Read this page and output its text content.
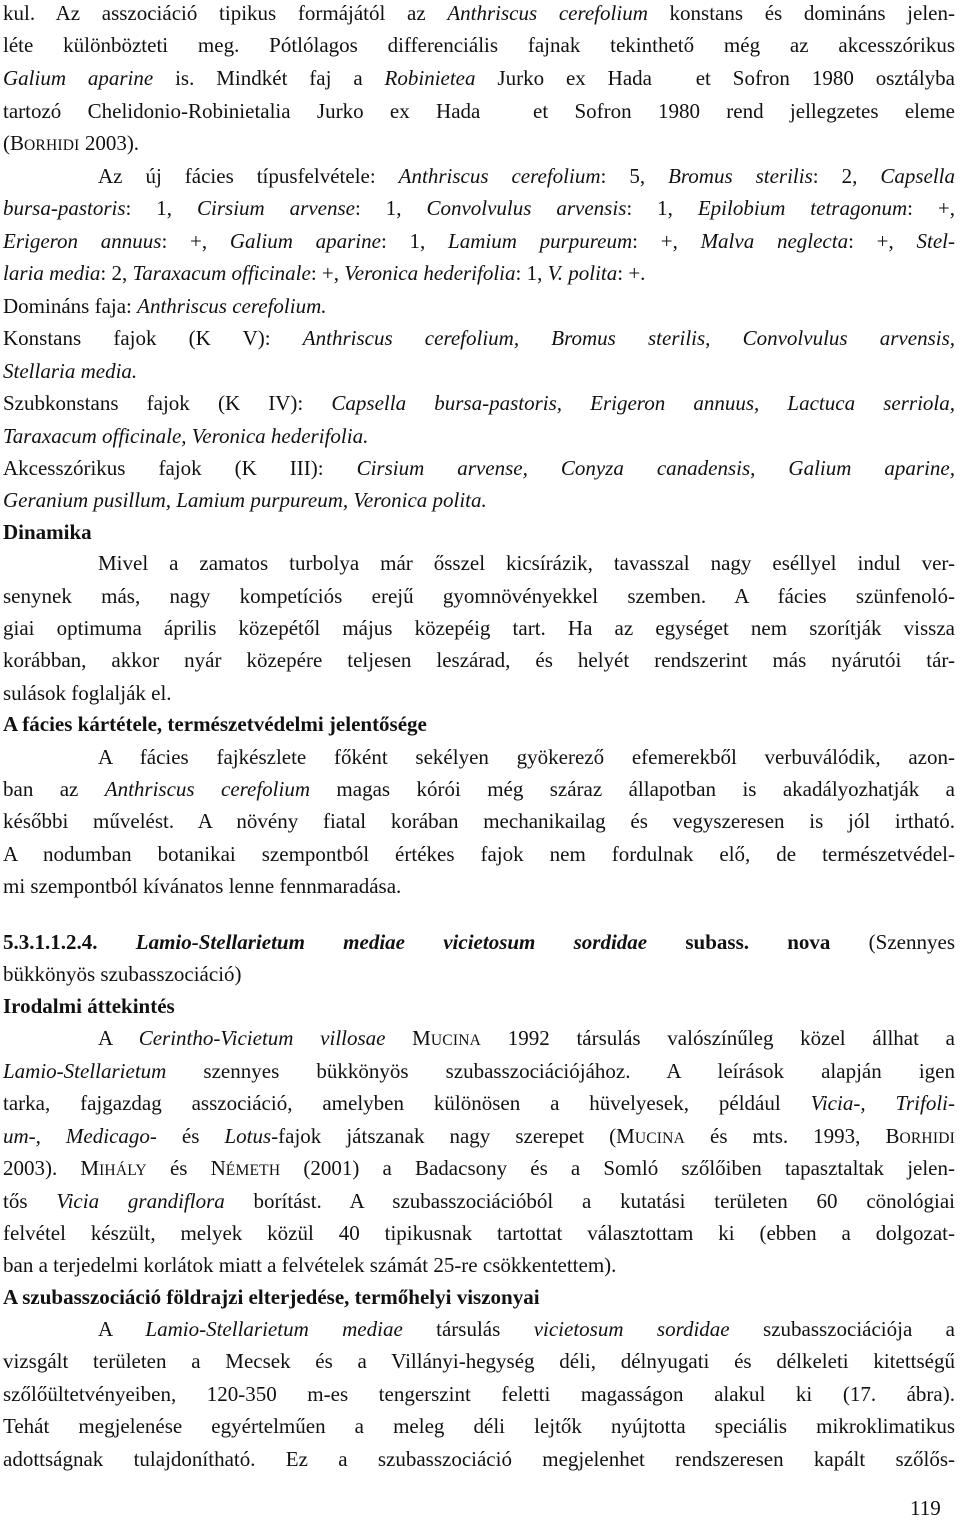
kul. Az asszociáció tipikus formájától az Anthriscus cerefolium konstans és domináns jelen-
léte különbözteti meg. Pótlólagos differenciális fajnak tekinthető még az akcesszórikus
Galium aparine is. Mindkét faj a Robinietea Jurko ex Hada  et Sofron 1980 osztályba
tartozó Chelidonio-Robinietalia Jurko ex Hada  et Sofron 1980 rend jellegzetes eleme
(BORHIDI 2003).
Az új fácies típusfelvétele: Anthriscus cerefolium: 5, Bromus sterilis: 2, Capsella
bursa-pastoris: 1, Cirsium arvense: 1, Convolvulus arvensis: 1, Epilobium tetragonum: +,
Erigeron annuus: +, Galium aparine: 1, Lamium purpureum: +, Malva neglecta: +, Stel-
laria media: 2, Taraxacum officinale: +, Veronica hederifolia: 1, V. polita: +.
Domináns faja: Anthriscus cerefolium.
Konstans fajok (K V): Anthriscus cerefolium, Bromus sterilis, Convolvulus arvensis,
Stellaria media.
Szubkonstans fajok (K IV): Capsella bursa-pastoris, Erigeron annuus, Lactuca serriola,
Taraxacum officinale, Veronica hederifolia.
Akcesszórikus fajok (K III): Cirsium arvense, Conyza canadensis, Galium aparine,
Geranium pusillum, Lamium purpureum, Veronica polita.
Dinamika
Mivel a zamatos turbolya már ősszel kicsírázik, tavasszal nagy eséllyel indul ver-
senynek más, nagy kompetíciós erejű gyomnövényekkel szemben. A fácies szünfenoló-
giai optimuma április közepétől május közepéig tart. Ha az egységet nem szorítják vissza
korábban, akkor nyár közepére teljesen leszárad, és helyét rendszerint más nyárutói tár-
sulások foglalják el.
A fácies kártétele, természetvédelmi jelentősége
A fácies fajkészlete főként sekélyen gyökerező efemerekből verbuválódik, azon-
ban az Anthriscus cerefolium magas kórói még száraz állapotban is akadályozhatják a
későbbi művelést. A növény fiatal korában mechanikailag és vegyszeresen is jól irtható.
A nodumban botanikai szempontból értékes fajok nem fordulnak elő, de természetvédel-
mi szempontból kívánatos lenne fennmaradása.
5.3.1.1.2.4. Lamio-Stellarietum mediae vicietosum sordidae subass. nova (Szennyes
bükkönyös szubasszociáció)
Irodalmi áttekintés
A Cerintho-Vicietum villosae MUCINA 1992 társulás valószínűleg közel állhat a
Lamio-Stellarietum szennyes bükkönyös szubasszociációjához. A leírások alapján igen
tarka, fajgazdag asszociáció, amelyben különösen a hüvelyesek, például Vicia-, Trifoli-
um-, Medicago- és Lotus-fajok játszanak nagy szerepet (MUCINA és mts. 1993, BORHIDI
2003). MIHÁLY és NÉMETH (2001) a Badacsony és a Somló szőlőiben tapasztaltak jelen-
tős Vicia grandiflora borítást. A szubasszociációból a kutatási területen 60 cönológiai
felvétel készült, melyek közül 40 tipikusnak tartottat választottam ki (ebben a dolgozat-
ban a terjedelmi korlátok miatt a felvételek számát 25-re csökkentettem).
A szubasszociáció földrajzi elterjedése, termőhelyi viszonyai
A Lamio-Stellarietum mediae társulás vicietosum sordidae szubasszociációja a
vizsgált területen a Mecsek és a Villányi-hegység déli, délnyugati és délkeleti kitettségű
szőlőültetvényeiben, 120-350 m-es tengerszint feletti magasságon alakul ki (17. ábra).
Tehát megjelenése egyértelműen a meleg déli lejtők nyújtotta speciális mikroklimatikus
adottságnak tulajdonítható. Ez a szubasszociáció megjelenhet rendszeresen kapált szőlős-
119
